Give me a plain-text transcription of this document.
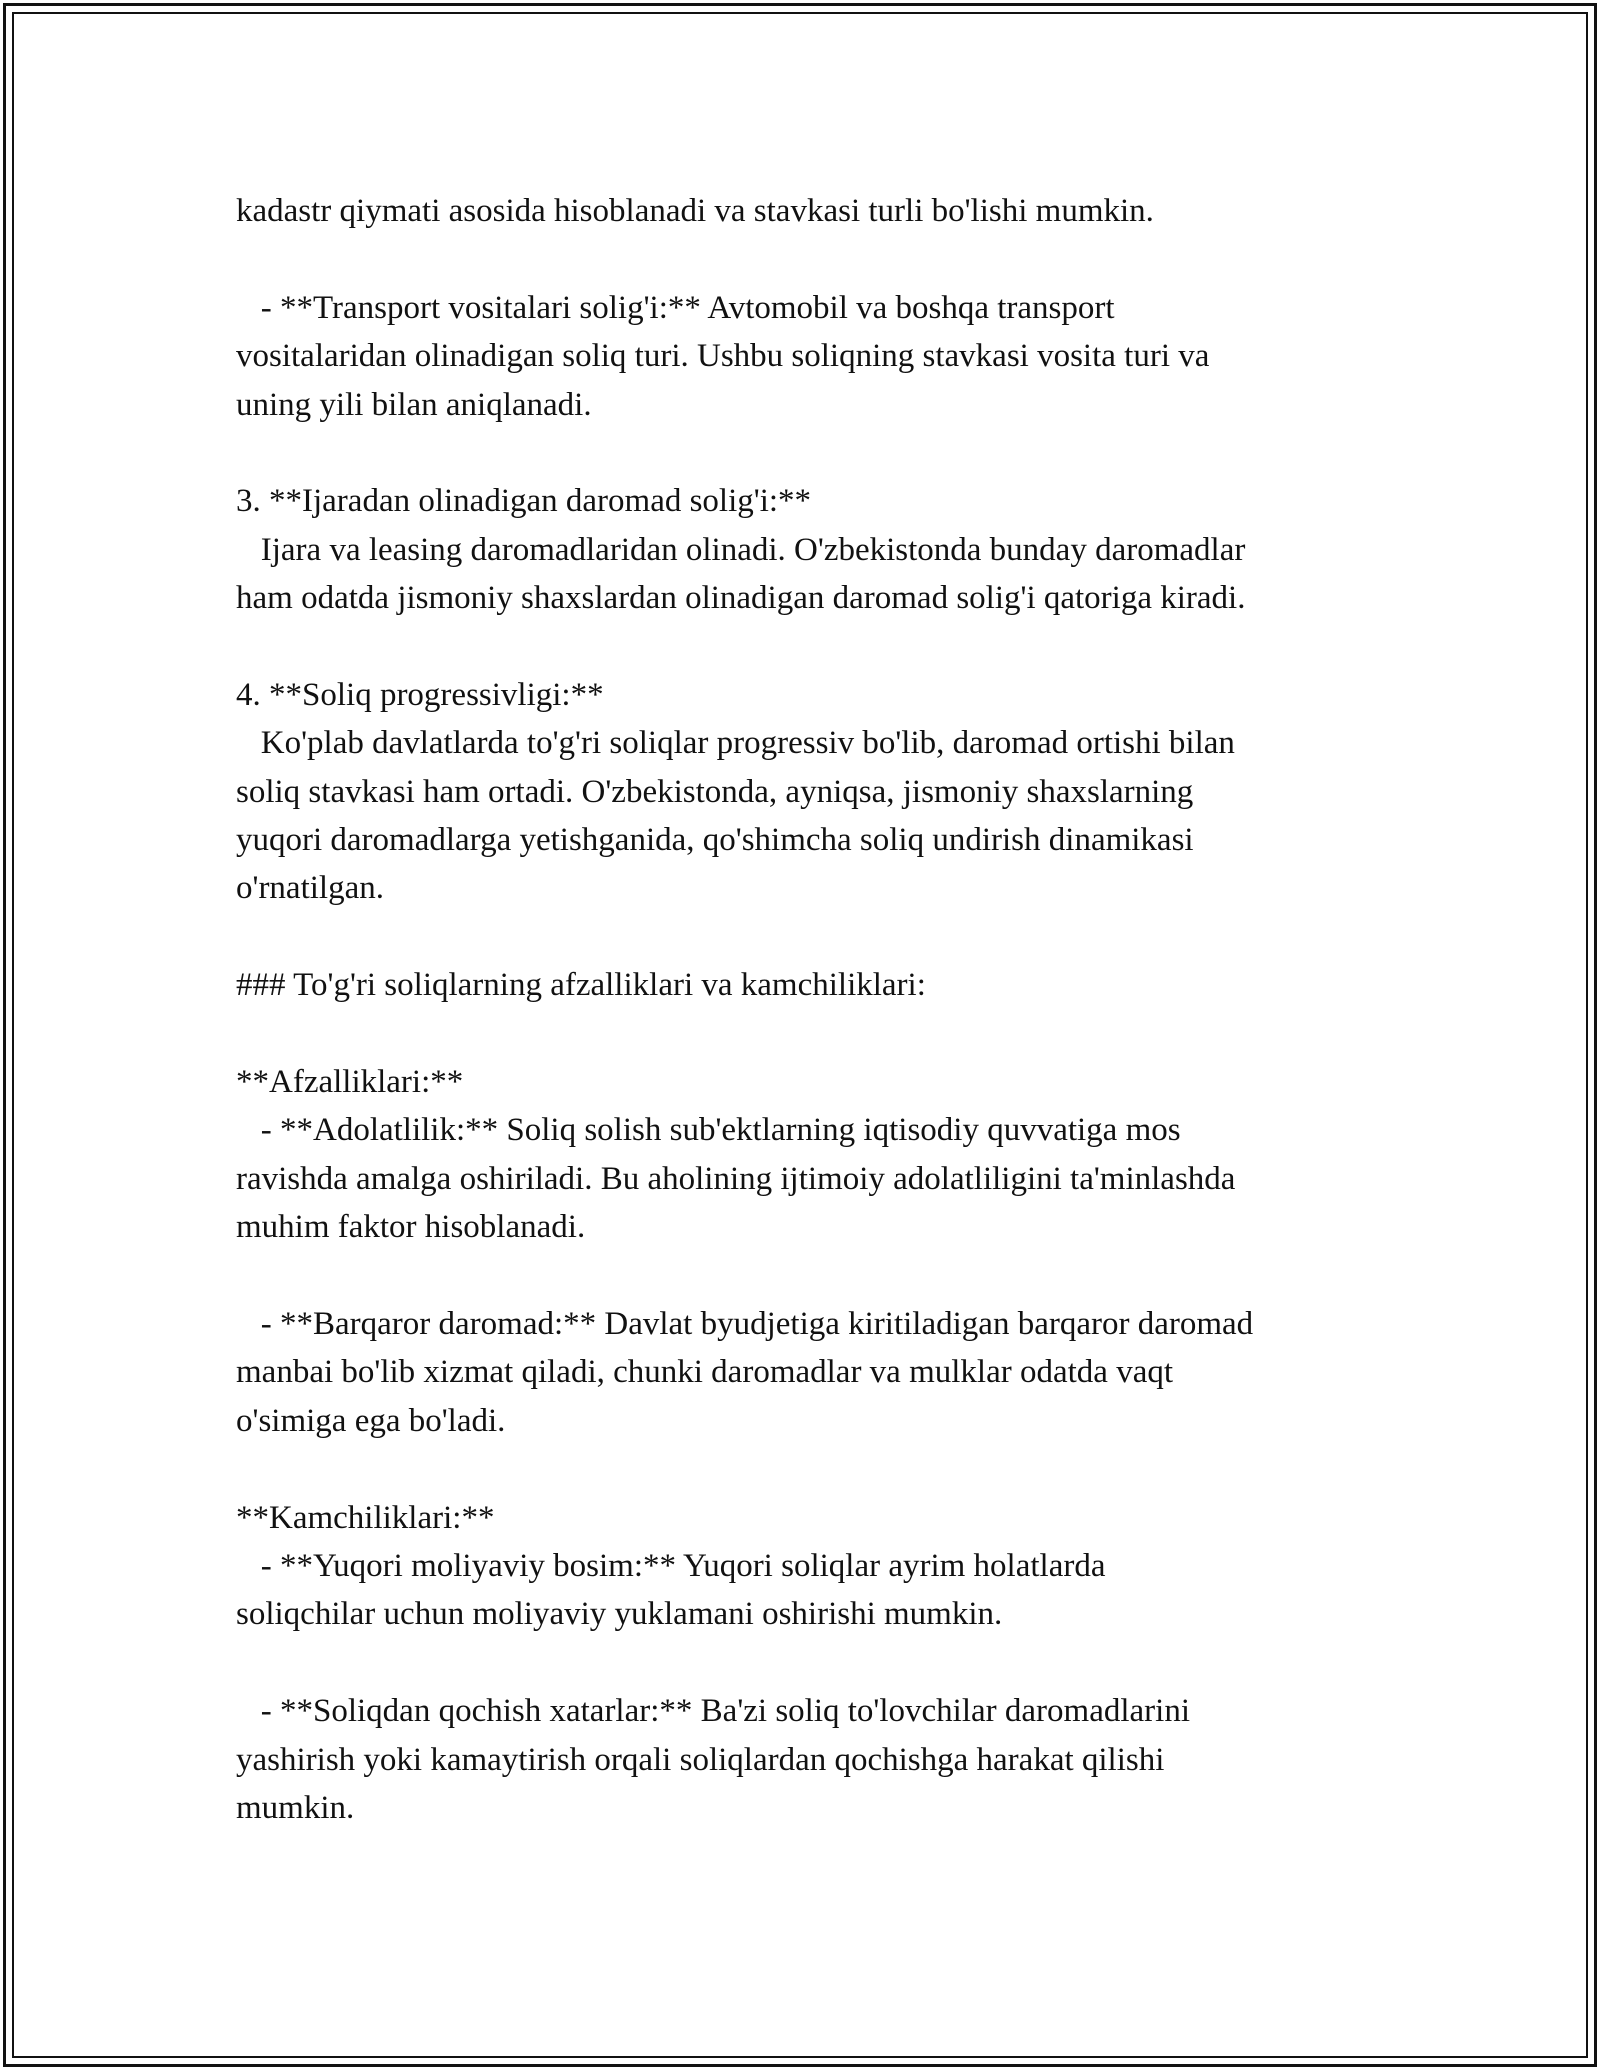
kadastr qiymati asosida hisoblanadi va stavkasi turli bo'lishi mumkin.
- **Transport vositalari solig'i:** Avtomobil va boshqa transport
vositalaridan olinadigan soliq turi. Ushbu soliqning stavkasi vosita turi va
uning yili bilan aniqlanadi.
3. **Ijaradan olinadigan daromad solig'i:**
Ijara va leasing daromadlaridan olinadi. O'zbekistonda bunday daromadlar
ham odatda jismoniy shaxslardan olinadigan daromad solig'i qatoriga kiradi.
4. **Soliq progressivligi:**
Ko'plab davlatlarda to'g'ri soliqlar progressiv bo'lib, daromad ortishi bilan
soliq stavkasi ham ortadi. O'zbekistonda, ayniqsa, jismoniy shaxslarning
yuqori daromadlarga yetishganida, qo'shimcha soliq undirish dinamikasi
o'rnatilgan.
### To'g'ri soliqlarning afzalliklari va kamchiliklari:
**Afzalliklari:**
- **Adolatlilik:** Soliq solish sub'ektlarning iqtisodiy quvvatiga mos
ravishda amalga oshiriladi. Bu aholining ijtimoiy adolatliligini ta'minlashda
muhim faktor hisoblanadi.
- **Barqaror daromad:** Davlat byudjetiga kiritiladigan barqaror daromad
manbai bo'lib xizmat qiladi, chunki daromadlar va mulklar odatda vaqt
o'simiga ega bo'ladi.
**Kamchiliklari:**
- **Yuqori moliyaviy bosim:** Yuqori soliqlar ayrim holatlarda
soliqchilar uchun moliyaviy yuklamani oshirishi mumkin.
- **Soliqdan qochish xatarlar:** Ba'zi soliq to'lovchilar daromadlarini
yashirish yoki kamaytirish orqali soliqlardan qochishga harakat qilishi
mumkin.
